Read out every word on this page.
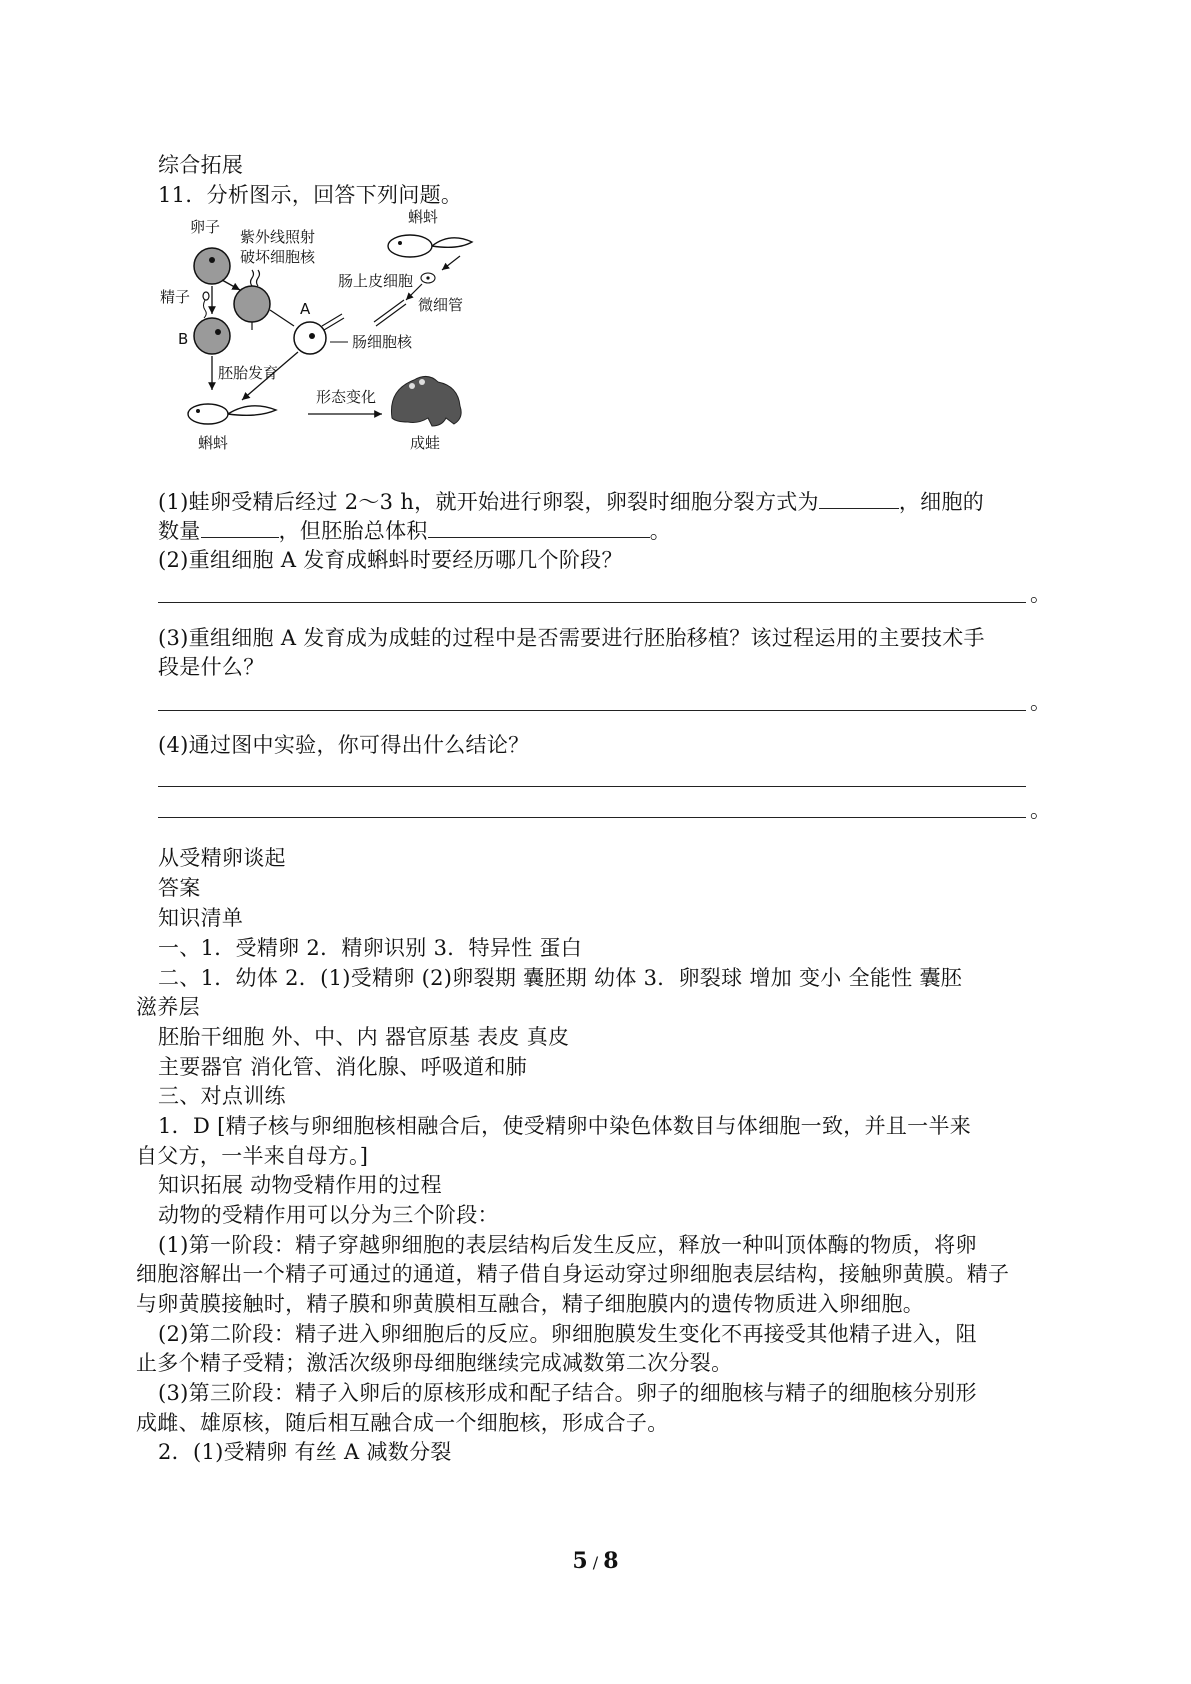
综合拓展
11．分析图示，回答下列问题。
卵子
紫外线照射
破坏细胞核
精子
B
蝌蚪
肠上皮细胞
微细管
A
肠细胞核
胚胎发育
蝌蚪
形态变化
成蛙
(1)蛙卵受精后经过 2～3 h，就开始进行卵裂，卵裂时细胞分裂方式为	，细胞的
数量	，但胚胎总体积	。
(2)重组细胞 A 发育成蝌蚪时要经历哪几个阶段？
。
(3)重组细胞 A 发育成为成蛙的过程中是否需要进行胚胎移植？该过程运用的主要技术手
段是什么？
。
(4)通过图中实验，你可得出什么结论？
。
从受精卵谈起
答案
知识清单
一、1．受精卵 2．精卵识别 3．特异性 蛋白
二、1．幼体 2．(1)受精卵 (2)卵裂期 囊胚期 幼体 3．卵裂球 增加 变小 全能性 囊胚
滋养层
胚胎干细胞 外、中、内 器官原基 表皮 真皮
主要器官 消化管、消化腺、呼吸道和肺
三、对点训练
1．D [精子核与卵细胞核相融合后，使受精卵中染色体数目与体细胞一致，并且一半来
自父方，一半来自母方。]
知识拓展 动物受精作用的过程
动物的受精作用可以分为三个阶段：
(1)第一阶段：精子穿越卵细胞的表层结构后发生反应，释放一种叫顶体酶的物质，将卵
细胞溶解出一个精子可通过的通道，精子借自身运动穿过卵细胞表层结构，接触卵黄膜。精子
与卵黄膜接触时，精子膜和卵黄膜相互融合，精子细胞膜内的遗传物质进入卵细胞。
(2)第二阶段：精子进入卵细胞后的反应。卵细胞膜发生变化不再接受其他精子进入，阻
止多个精子受精；激活次级卵母细胞继续完成减数第二次分裂。
(3)第三阶段：精子入卵后的原核形成和配子结合。卵子的细胞核与精子的细胞核分别形
成雌、雄原核，随后相互融合成一个细胞核，形成合子。
2．(1)受精卵 有丝 A 减数分裂
5 / 8
